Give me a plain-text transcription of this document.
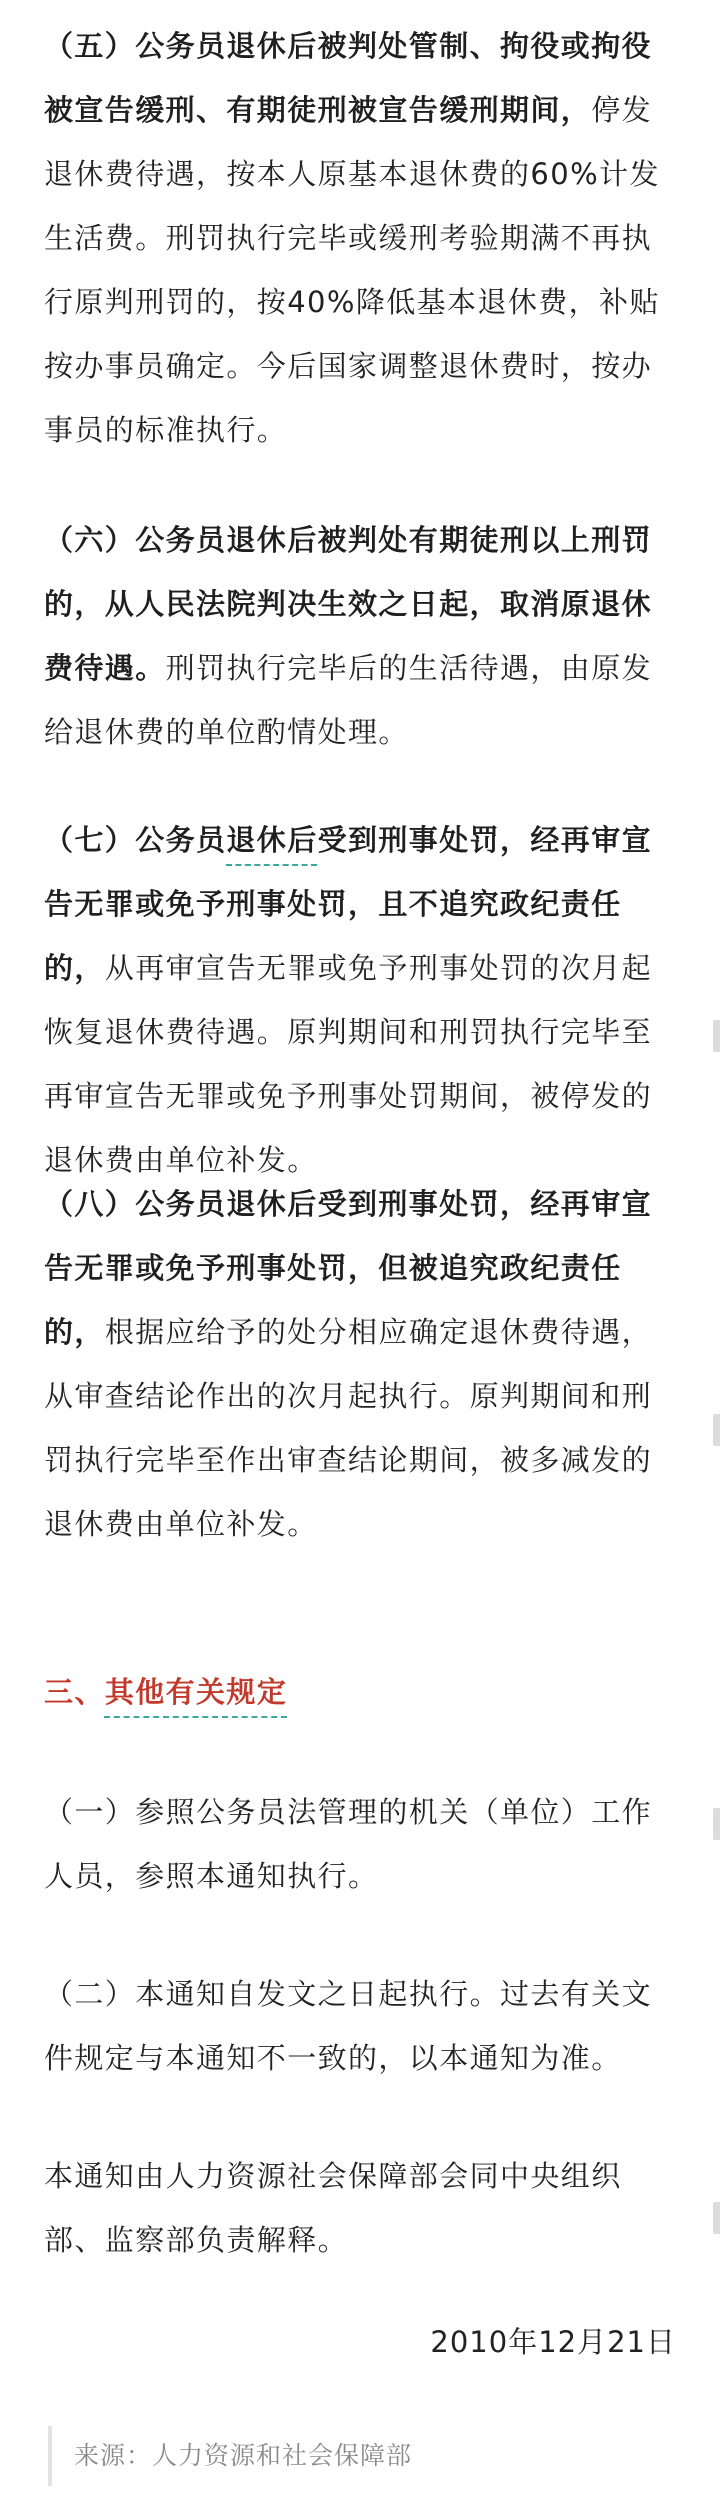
（五）公务员退休后被判处管制、拘役或拘役被宣告缓刑、有期徒刑被宣告缓刑期间，停发退休费待遇，按本人原基本退休费的60%计发生活费。刑罚执行完毕或缓刑考验期满不再执行原判刑罚的，按40%降低基本退休费，补贴按办事员确定。今后国家调整退休费时，按办事员的标准执行。

（六）公务员退休后被判处有期徒刑以上刑罚的，从人民法院判决生效之日起，取消原退休费待遇。刑罚执行完毕后的生活待遇，由原发给退休费的单位酌情处理。

（七）公务员退休后受到刑事处罚，经再审宣告无罪或免予刑事处罚，且不追究政纪责任的，从再审宣告无罪或免予刑事处罚的次月起恢复退休费待遇。原判期间和刑罚执行完毕至再审宣告无罪或免予刑事处罚期间，被停发的退休费由单位补发。

（八）公务员退休后受到刑事处罚，经再审宣告无罪或免予刑事处罚，但被追究政纪责任的，根据应给予的处分相应确定退休费待遇，从审查结论作出的次月起执行。原判期间和刑罚执行完毕至作出审查结论期间，被多减发的退休费由单位补发。

三、其他有关规定

（一）参照公务员法管理的机关（单位）工作人员，参照本通知执行。

（二）本通知自发文之日起执行。过去有关文件规定与本通知不一致的，以本通知为准。

本通知由人力资源社会保障部会同中央组织部、监察部负责解释。

2010年12月21日

来源：人力资源和社会保障部
